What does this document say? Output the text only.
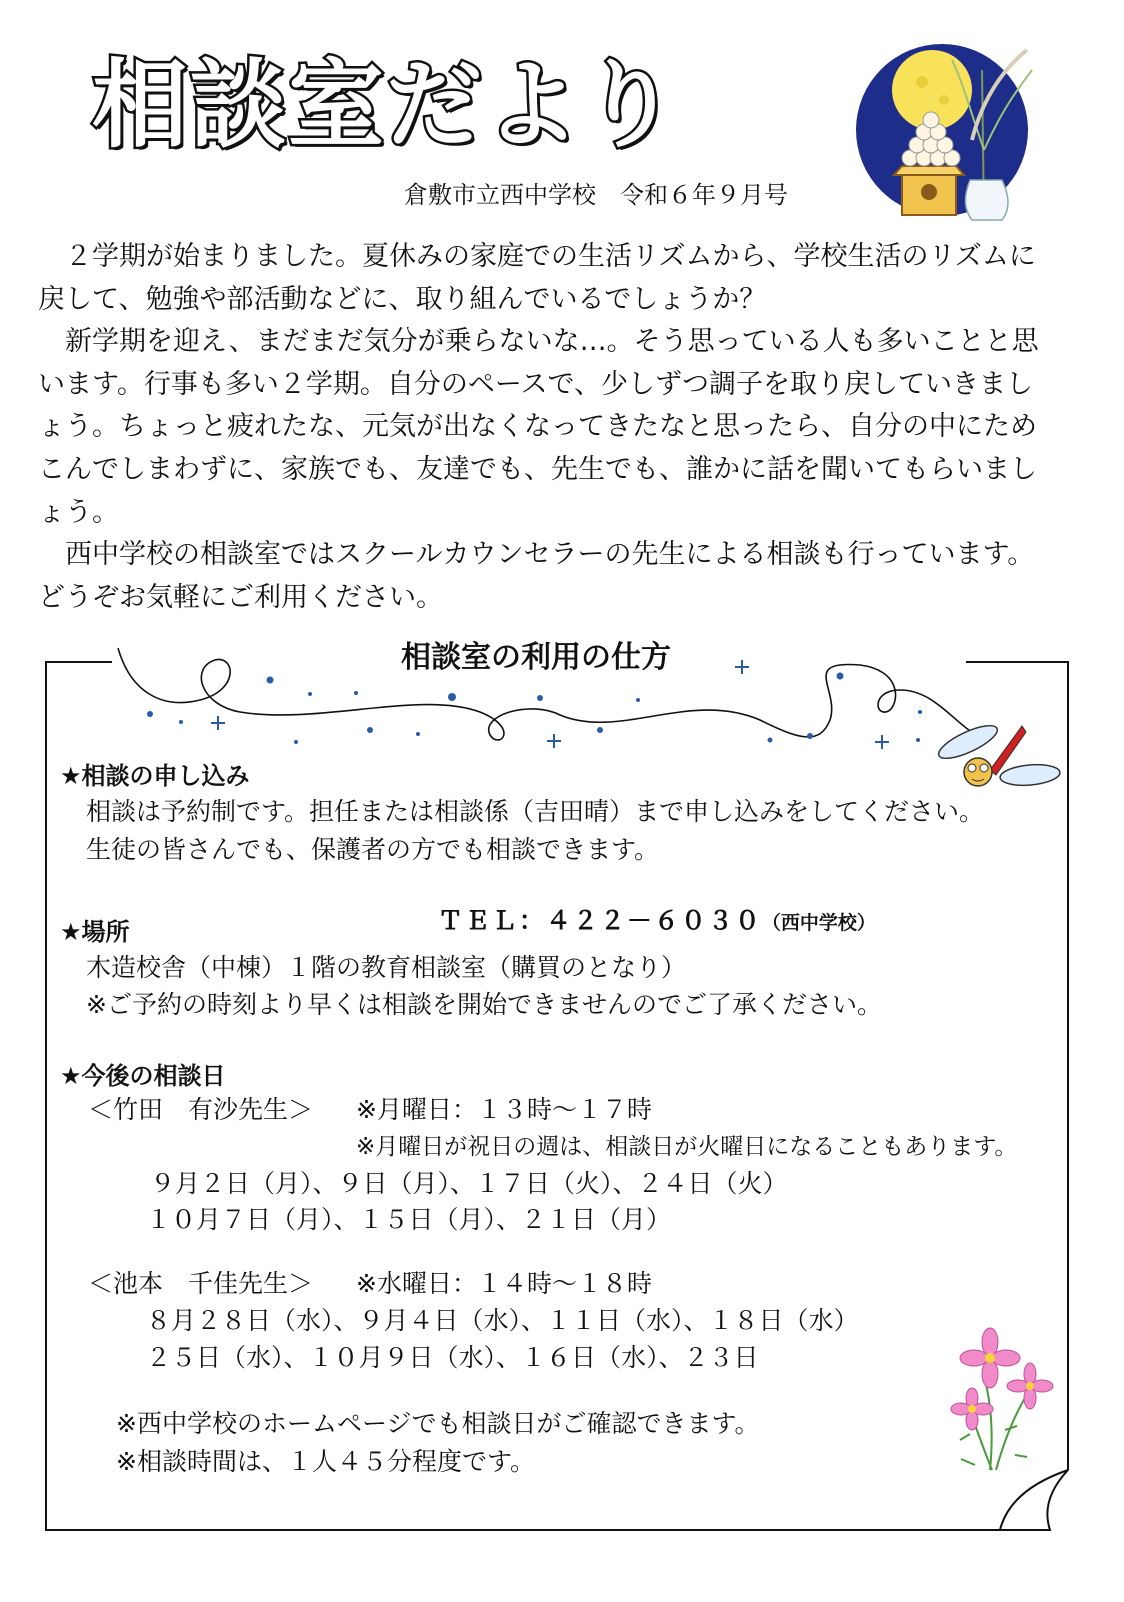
相談室だより
倉敷市立西中学校　令和６年９月号

　２学期が始まりました。夏休みの家庭での生活リズムから、学校生活のリズムに戻して、勉強や部活動などに、取り組んでいるでしょうか？

　新学期を迎え、まだまだ気分が乗らないな…。そう思っている人も多いことと思います。行事も多い２学期。自分のペースで、少しずつ調子を取り戻していきましょう。ちょっと疲れたな、元気が出なくなってきたなと思ったら、自分の中にためこんでしまわずに、家族でも、友達でも、先生でも、誰かに話を聞いてもらいましょう。

　西中学校の相談室ではスクールカウンセラーの先生による相談も行っています。どうぞお気軽にご利用ください。

相談室の利用の仕方
★相談の申し込み
相談は予約制です。担任または相談係（吉田晴）まで申し込みをしてください。
生徒の皆さんでも、保護者の方でも相談できます。

ＴＥＬ：４２２－６０３０（西中学校）

★場所
木造校舎（中棟）１階の教育相談室（購買のとなり）
※ご予約の時刻より早くは相談を開始できませんのでご了承ください。
★今後の相談日
＜竹田　有沙先生＞ ※月曜日：１３時～１７時
※月曜日が祝日の週は、相談日が火曜日になることもあります。
９月２日（月）、９日（月）、１７日（火）、２４日（火）
１０月７日（月）、１５日（月）、２１日（月）
＜池本　千佳先生＞ ※水曜日：１４時～１８時
８月２８日（水）、９月４日（水）、１１日（水）、１８日（水）
２５日（水）、１０月９日（水）、１６日（水）、２３日
※西中学校のホームページでも相談日がご確認できます。
※相談時間は、１人４５分程度です。
